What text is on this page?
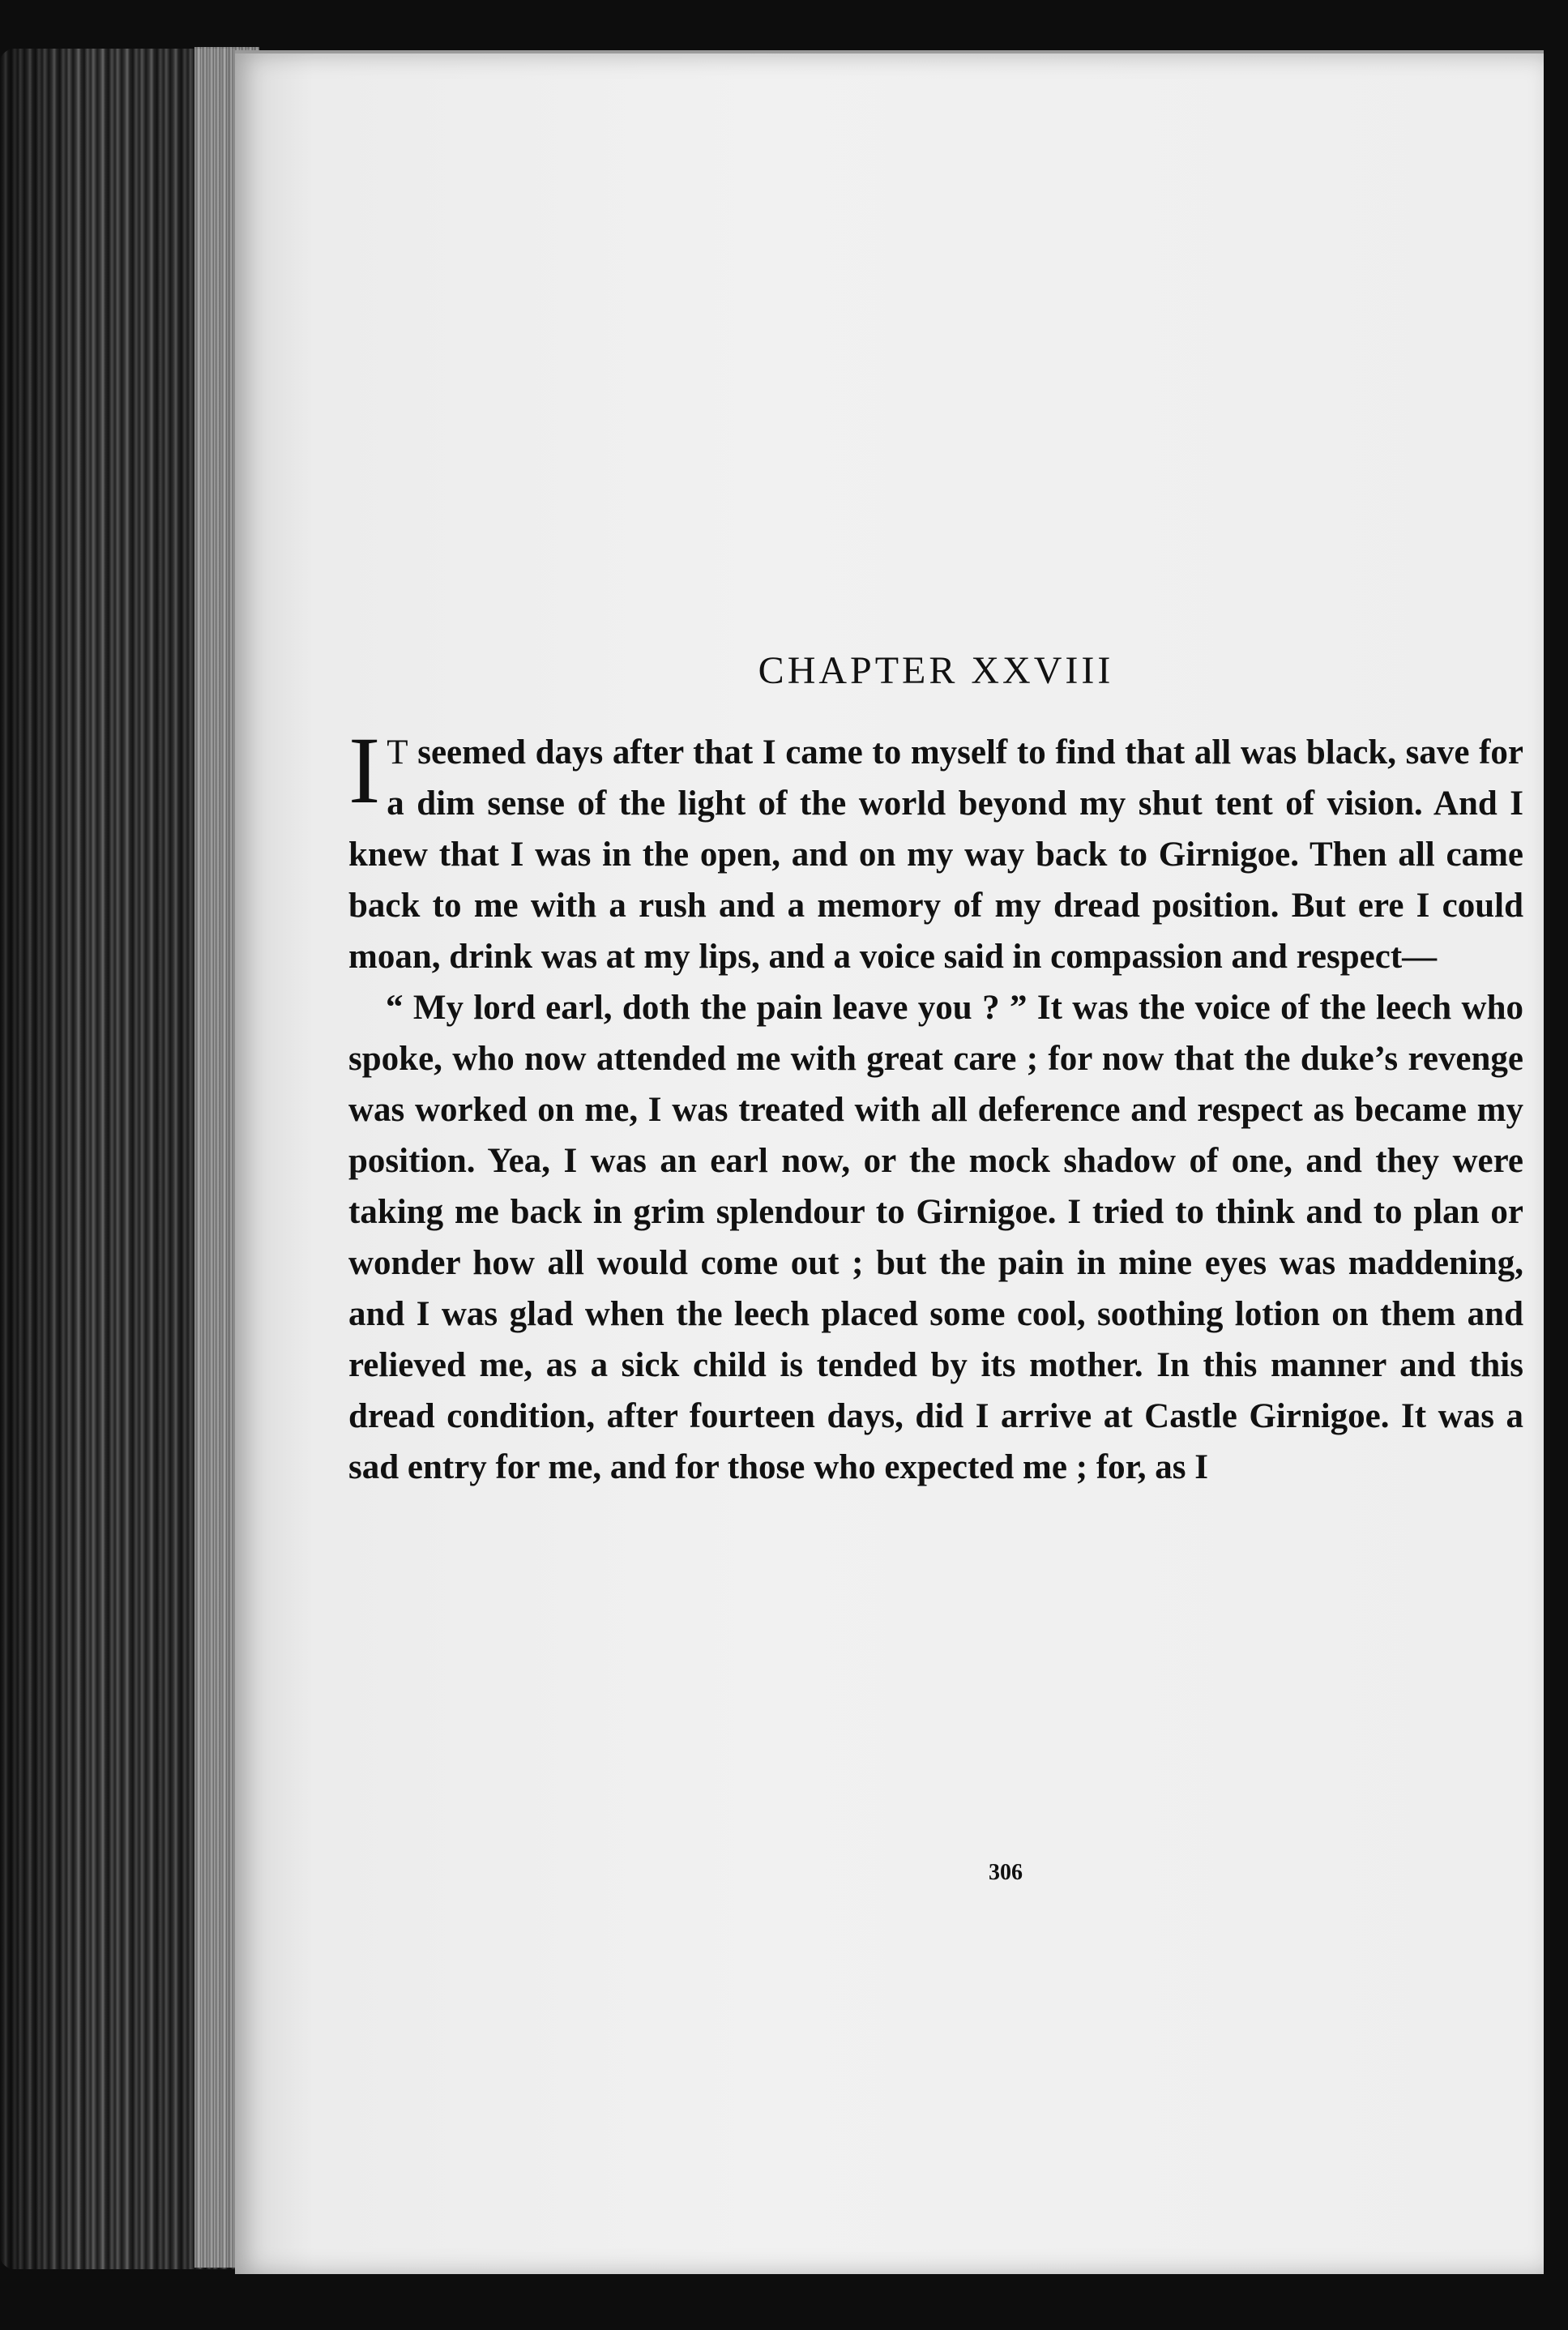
CHAPTER XXVIII

I T seemed days after that I came to myself to find that all was black, save for a dim sense of the light of the world beyond my shut tent of vision. And I knew that I was in the open, and on my way back to Girnigoe. Then all came back to me with a rush and a memory of my dread position. But ere I could moan, drink was at my lips, and a voice said in compassion and respect—

“ My lord earl, doth the pain leave you ? ” It was the voice of the leech who spoke, who now attended me with great care ; for now that the duke’s revenge was worked on me, I was treated with all deference and respect as became my position. Yea, I was an earl now, or the mock shadow of one, and they were taking me back in grim splendour to Girnigoe. I tried to think and to plan or wonder how all would come out ; but the pain in mine eyes was maddening, and I was glad when the leech placed some cool, soothing lotion on them and relieved me, as a sick child is tended by its mother. In this manner and this dread condition, after fourteen days, did I arrive at Castle Girnigoe. It was a sad entry for me, and for those who expected me ; for, as I

306
